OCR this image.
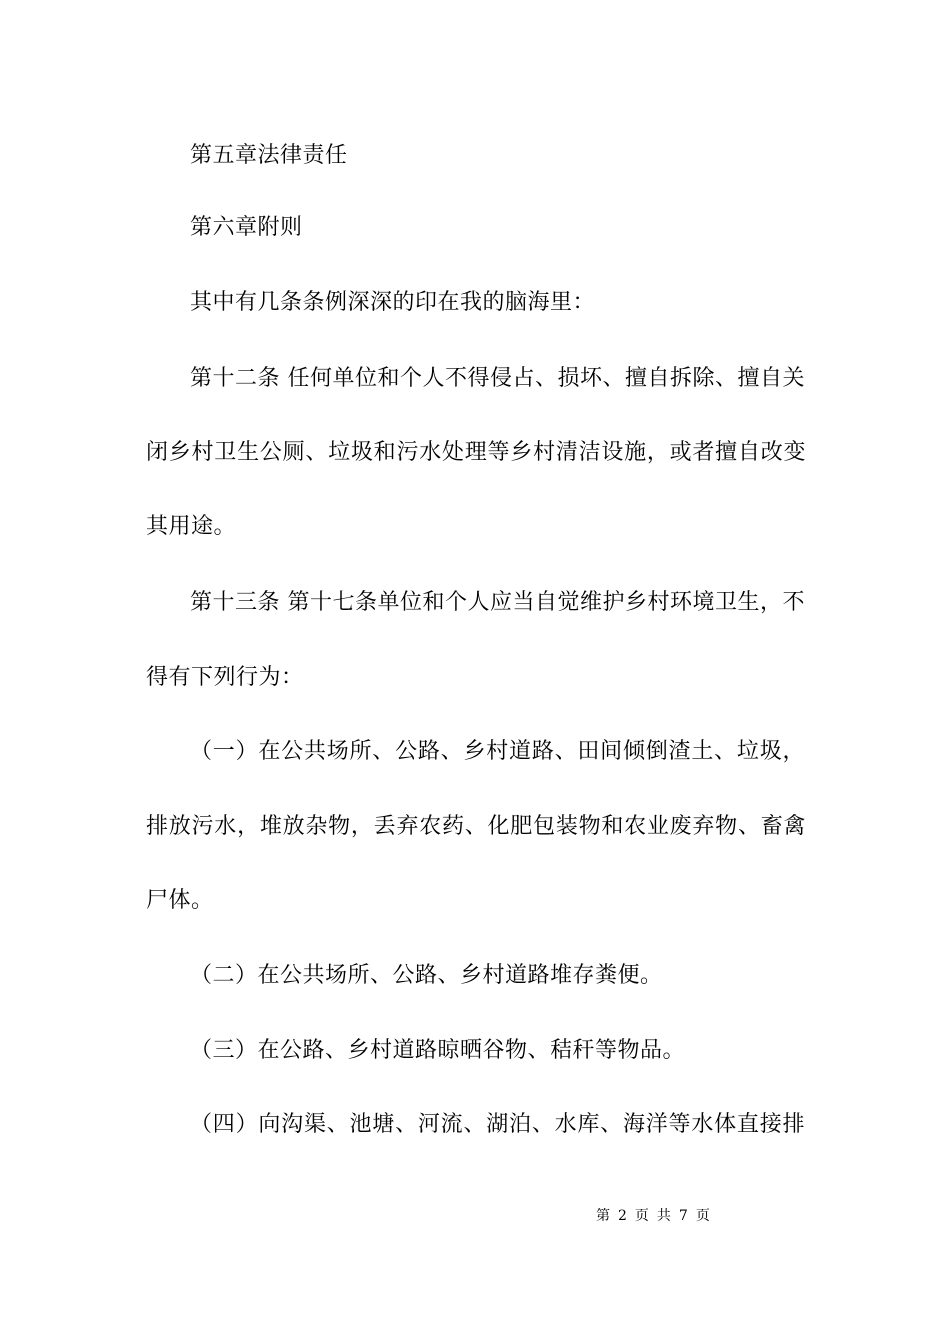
第五章法律责任

第六章附则

其中有几条条例深深的印在我的脑海里：

第十二条 任何单位和个人不得侵占、损坏、擅自拆除、擅自关

闭乡村卫生公厕、垃圾和污水处理等乡村清洁设施，或者擅自改变

其用途。

第十三条 第十七条单位和个人应当自觉维护乡村环境卫生，不

得有下列行为：

（一）在公共场所、公路、乡村道路、田间倾倒渣土、垃圾，

排放污水，堆放杂物，丢弃农药、化肥包装物和农业废弃物、畜禽

尸体。

（二）在公共场所、公路、乡村道路堆存粪便。

（三）在公路、乡村道路晾晒谷物、秸秆等物品。

（四）向沟渠、池塘、河流、湖泊、水库、海洋等水体直接排

第 2 页 共 7 页
